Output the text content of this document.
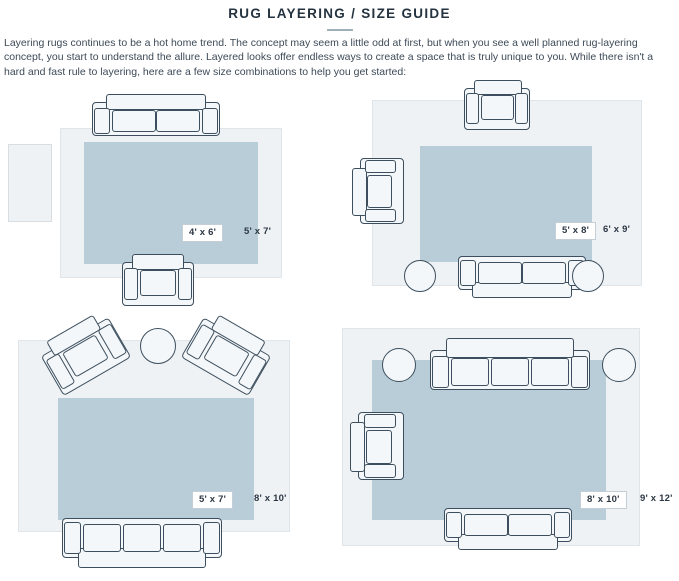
RUG LAYERING / SIZE GUIDE
Layering rugs continues to be a hot home trend. The concept may seem a little odd at first, but when you see a well planned rug-layering concept, you start to understand the allure. Layered looks offer endless ways to create a space that is truly unique to you. While there isn't a hard and fast rule to layering, here are a few size combinations to help you get started:
4' x 6'	5' x 7'	5' x 8'	6' x 9'
5' x 7'	8' x 10'	8' x 10'	9' x 12'
